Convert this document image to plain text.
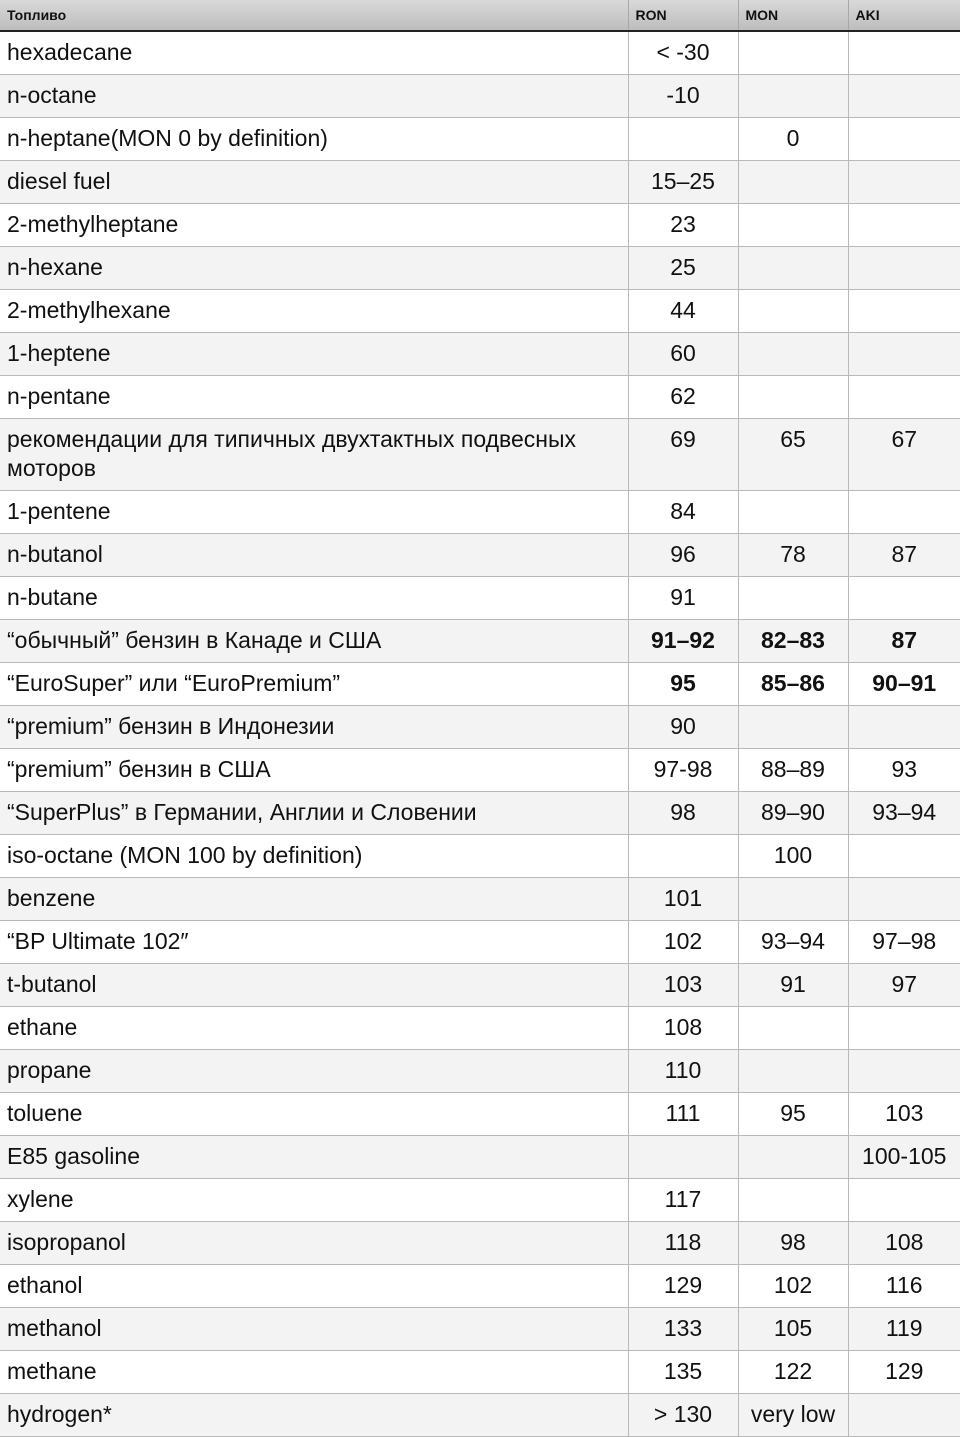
Топливо	RON	MON	AKI
hexadecane	< -30		
n-octane	-10		
n-heptane(MON 0 by definition)		0	
diesel fuel	15–25		
2-methylheptane	23		
n-hexane	25		
2-methylhexane	44		
1-heptene	60		
n-pentane	62		
рекомендации для типичных двухтактных подвесных моторов	69	65	67
1-pentene	84		
n-butanol	96	78	87
n-butane	91		
“обычный” бензин в Канаде и США	91–92	82–83	87
“EuroSuper” или “EuroPremium”	95	85–86	90–91
“premium” бензин в Индонезии	90		
“premium” бензин в США	97-98	88–89	93
“SuperPlus” в Германии, Англии и Словении	98	89–90	93–94
iso-octane (MON 100 by definition)		100	
benzene	101		
“BP Ultimate 102″	102	93–94	97–98
t-butanol	103	91	97
ethane	108		
propane	110		
toluene	111	95	103
E85 gasoline			100-105
xylene	117		
isopropanol	118	98	108
ethanol	129	102	116
methanol	133	105	119
methane	135	122	129
hydrogen*	> 130	very low	
